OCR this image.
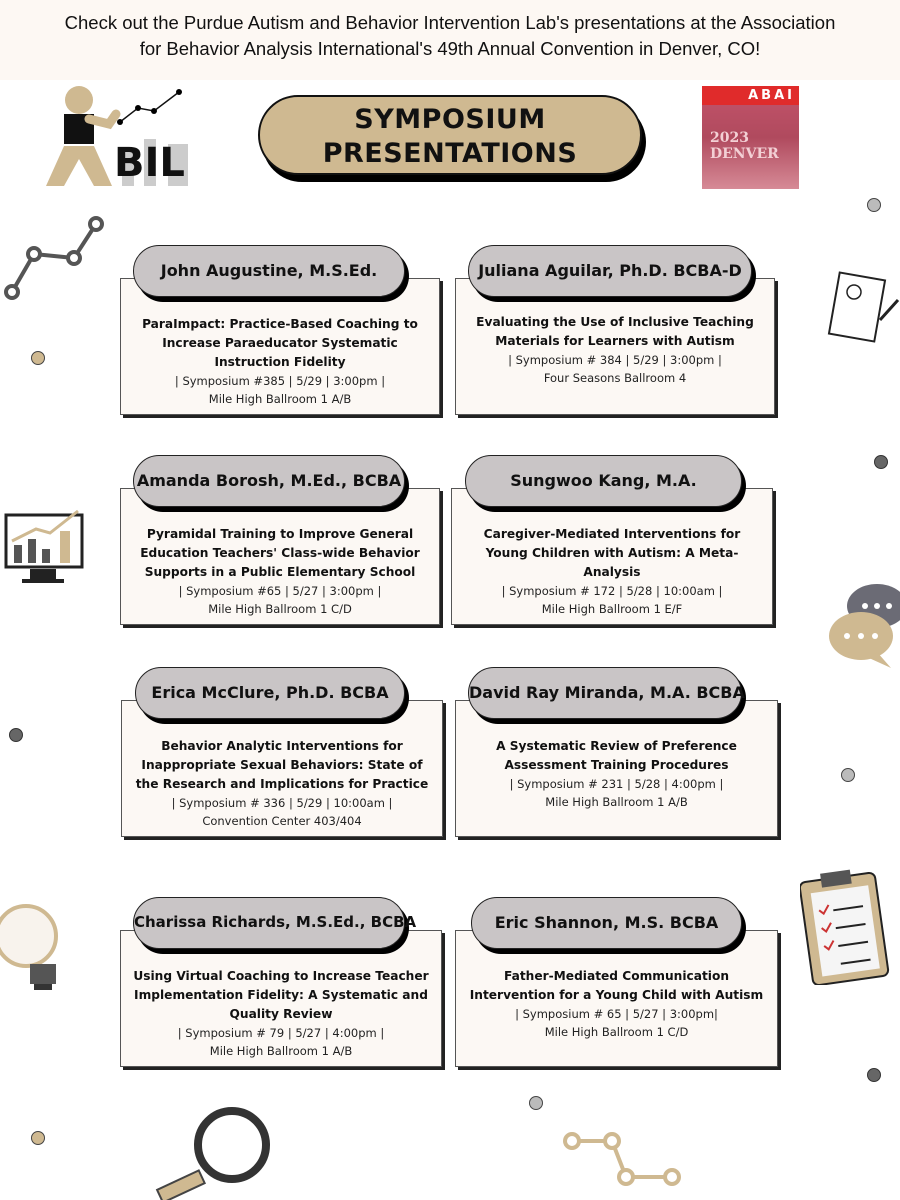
Check out the Purdue Autism and Behavior Intervention Lab's presentations at the Association
for Behavior Analysis International's 49th Annual Convention in Denver, CO!
BIL
SYMPOSIUM
PRESENTATIONS
ABAI
2023
DENVER
ParaImpact: Practice-Based Coaching to Increase Paraeducator Systematic Instruction Fidelity
| Symposium #385 | 5/29 | 3:00pm |
Mile High Ballroom 1 A/B
John Augustine, M.S.Ed.
Evaluating the Use of Inclusive Teaching Materials for Learners with Autism
| Symposium # 384 | 5/29 | 3:00pm |
Four Seasons Ballroom 4
Juliana Aguilar, Ph.D. BCBA-D
Pyramidal Training to Improve General Education Teachers' Class-wide Behavior Supports in a Public Elementary School
| Symposium #65 | 5/27 | 3:00pm |
Mile High Ballroom 1 C/D
Amanda Borosh, M.Ed., BCBA
Caregiver-Mediated Interventions for Young Children with Autism: A Meta-Analysis
| Symposium # 172 | 5/28 | 10:00am |
Mile High Ballroom 1 E/F
Sungwoo Kang, M.A.
Behavior Analytic Interventions for Inappropriate Sexual Behaviors: State of the Research and Implications for Practice
| Symposium # 336 | 5/29 | 10:00am |
Convention Center 403/404
Erica McClure, Ph.D. BCBA
A Systematic Review of Preference Assessment Training Procedures
| Symposium # 231 | 5/28 | 4:00pm |
Mile High Ballroom 1 A/B
David Ray Miranda, M.A. BCBA
Using Virtual Coaching to Increase Teacher Implementation Fidelity: A Systematic and Quality Review
| Symposium # 79 | 5/27 | 4:00pm |
Mile High Ballroom 1 A/B
Charissa Richards, M.S.Ed., BCBA
Father-Mediated Communication Intervention for a Young Child with Autism
| Symposium # 65 | 5/27 | 3:00pm|
Mile High Ballroom 1 C/D
Eric Shannon, M.S. BCBA
